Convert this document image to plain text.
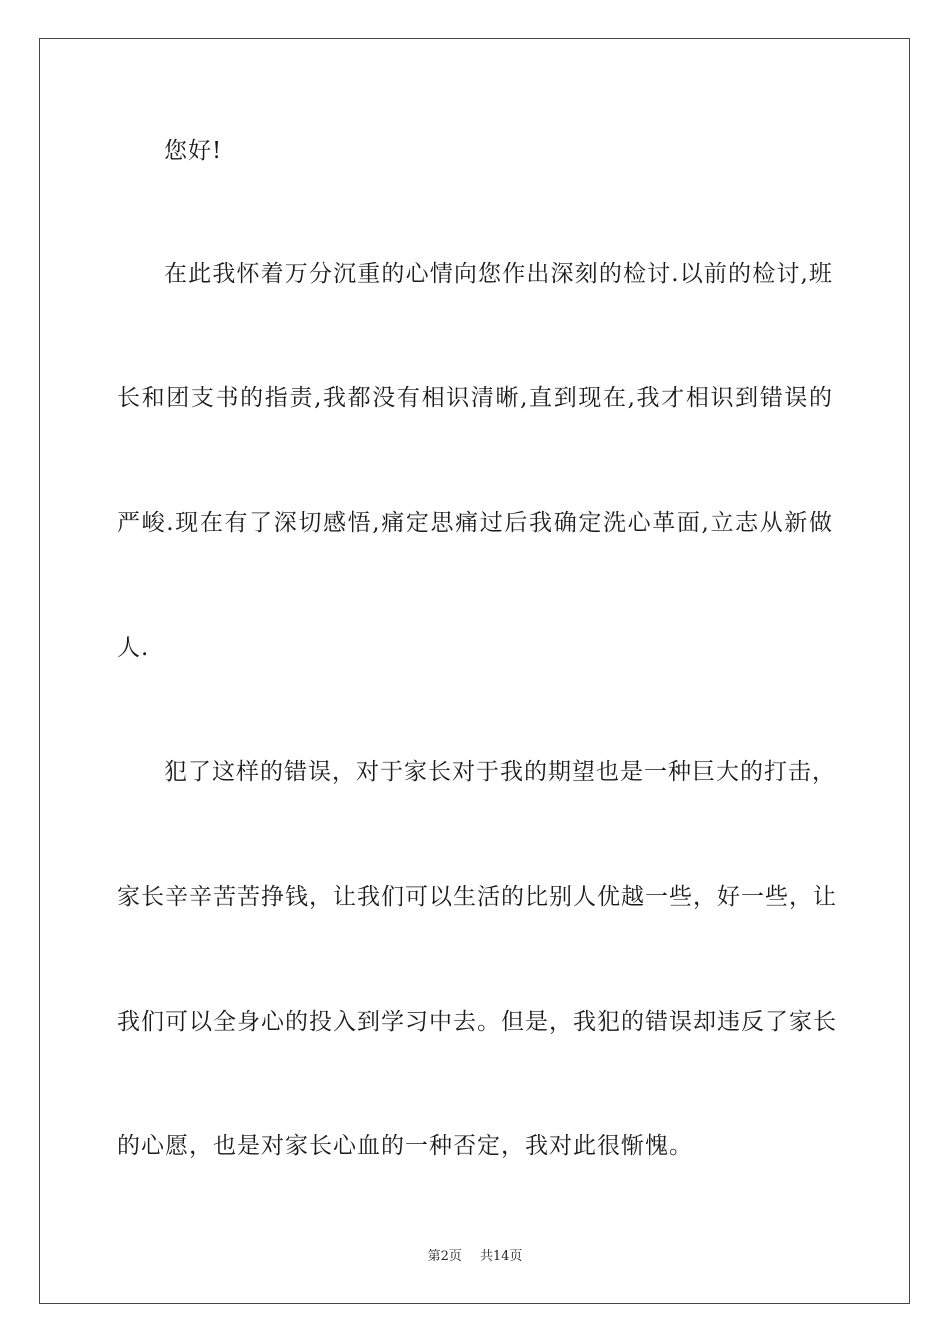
您好!
在此我怀着万分沉重的心情向您作出深刻的检讨.以前的检讨,班
长和团支书的指责,我都没有相识清晰,直到现在,我才相识到错误的
严峻.现在有了深切感悟,痛定思痛过后我确定洗心革面,立志从新做
人.
犯了这样的错误，对于家长对于我的期望也是一种巨大的打击，
家长辛辛苦苦挣钱，让我们可以生活的比别人优越一些，好一些，让
我们可以全身心的投入到学习中去。但是，我犯的错误却违反了家长
的心愿，也是对家长心血的一种否定，我对此很惭愧。
第2页 共14页
